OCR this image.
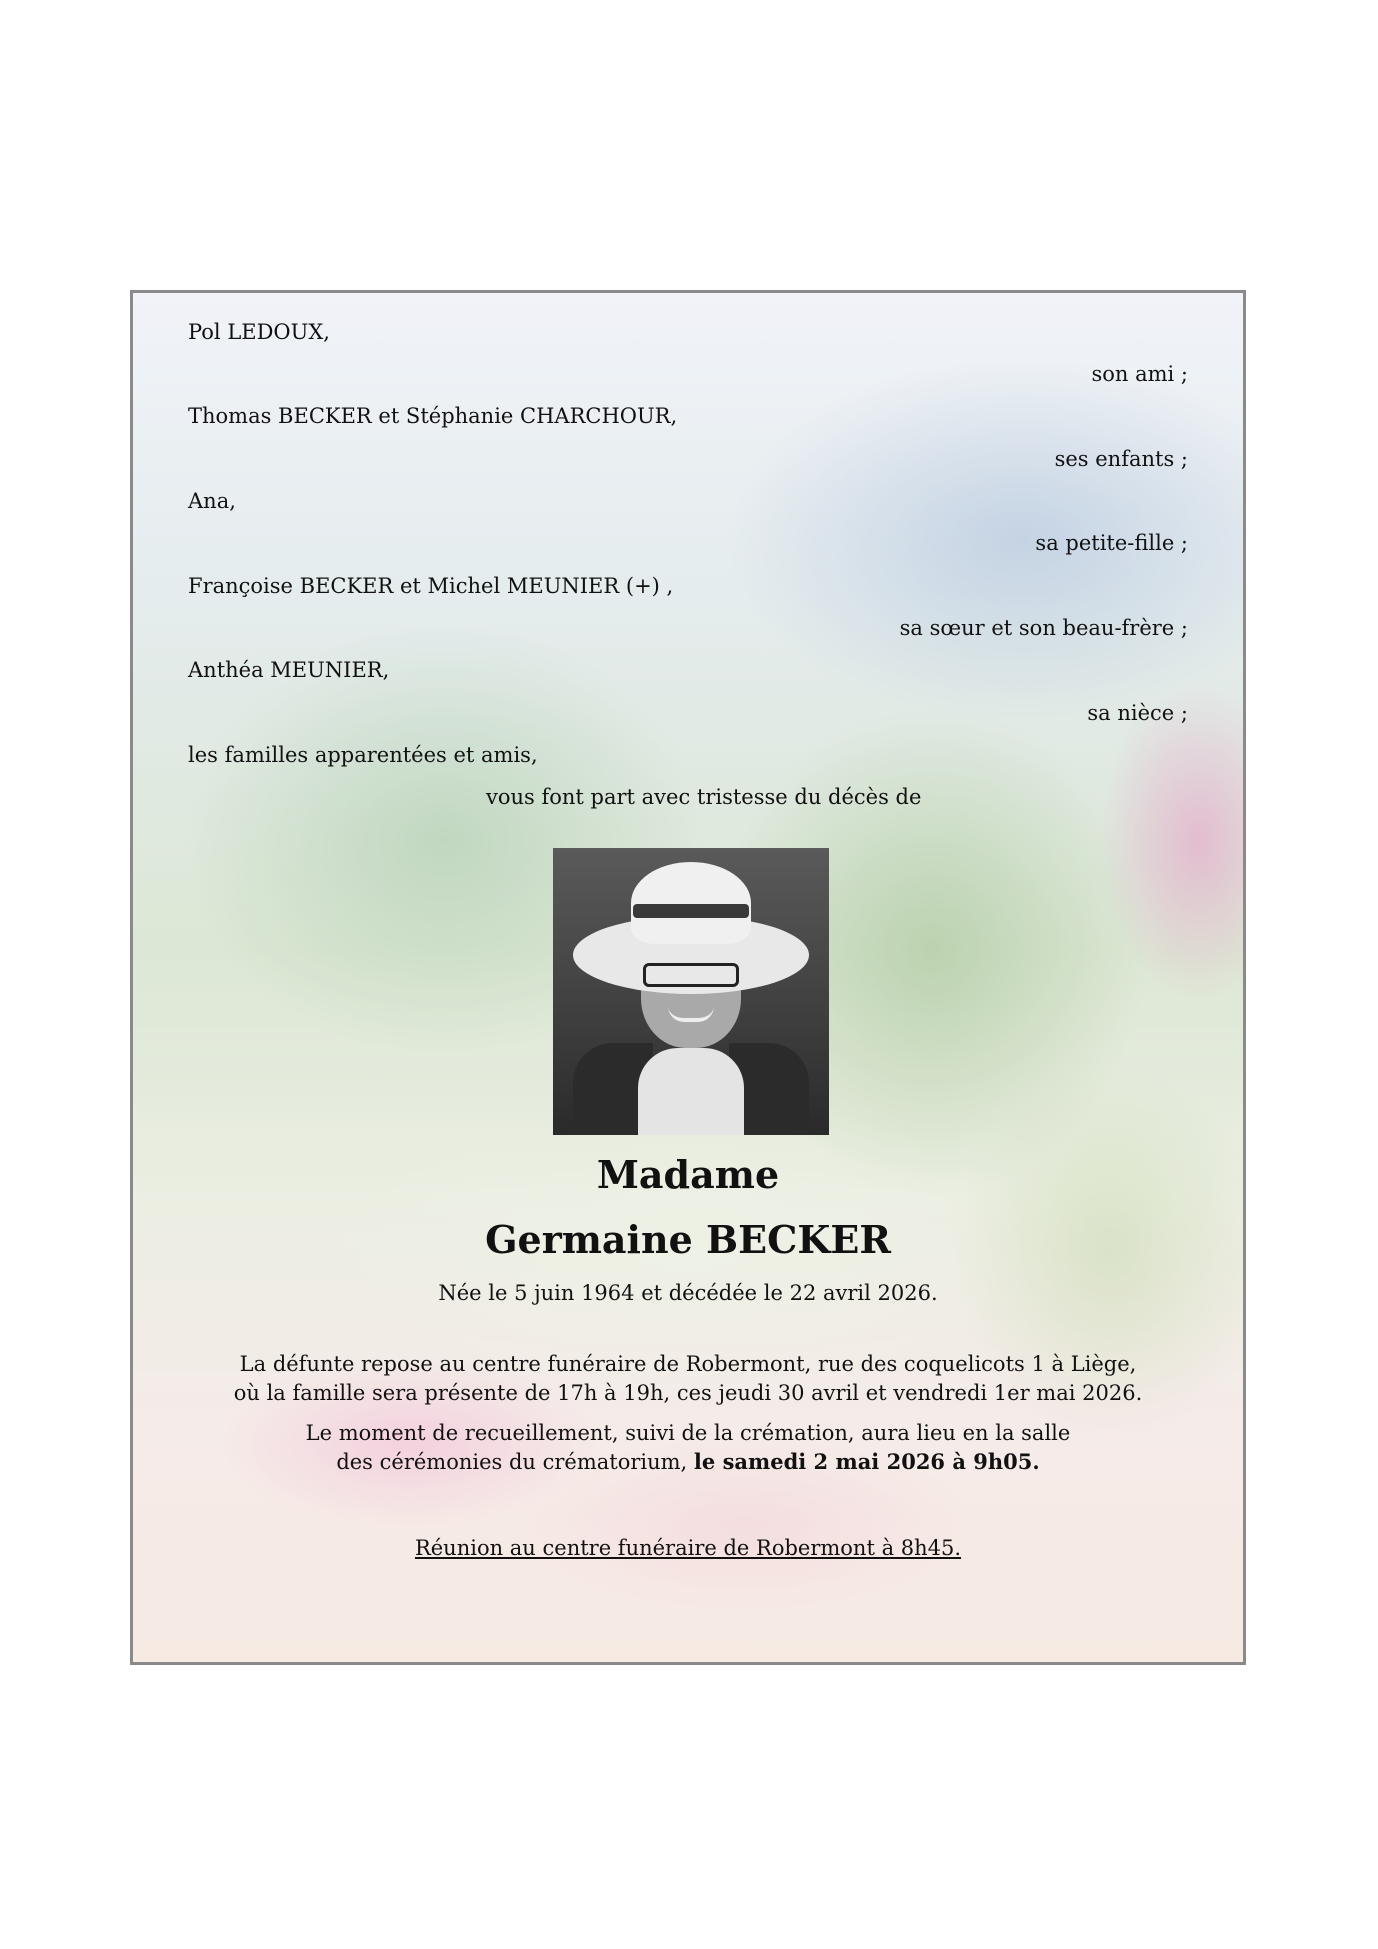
Pol LEDOUX,
son ami ;
Thomas BECKER et Stéphanie CHARCHOUR,
ses enfants ;
Ana,
sa petite-fille ;
Françoise BECKER et Michel MEUNIER (+) ,
sa sœur et son beau-frère ;
Anthéa MEUNIER,
sa nièce ;
les familles apparentées et amis,
vous font part avec tristesse du décès de
Madame
Germaine BECKER
Née le 5 juin 1964 et décédée le 22 avril 2026.
La défunte repose au centre funéraire de Robermont, rue des coquelicots 1 à Liège,
où la famille sera présente de 17h à 19h, ces jeudi 30 avril et vendredi 1er mai 2026.
Le moment de recueillement, suivi de la crémation, aura lieu en la salle
des cérémonies du crématorium, le samedi 2 mai 2026 à 9h05.
Réunion au centre funéraire de Robermont à 8h45.
